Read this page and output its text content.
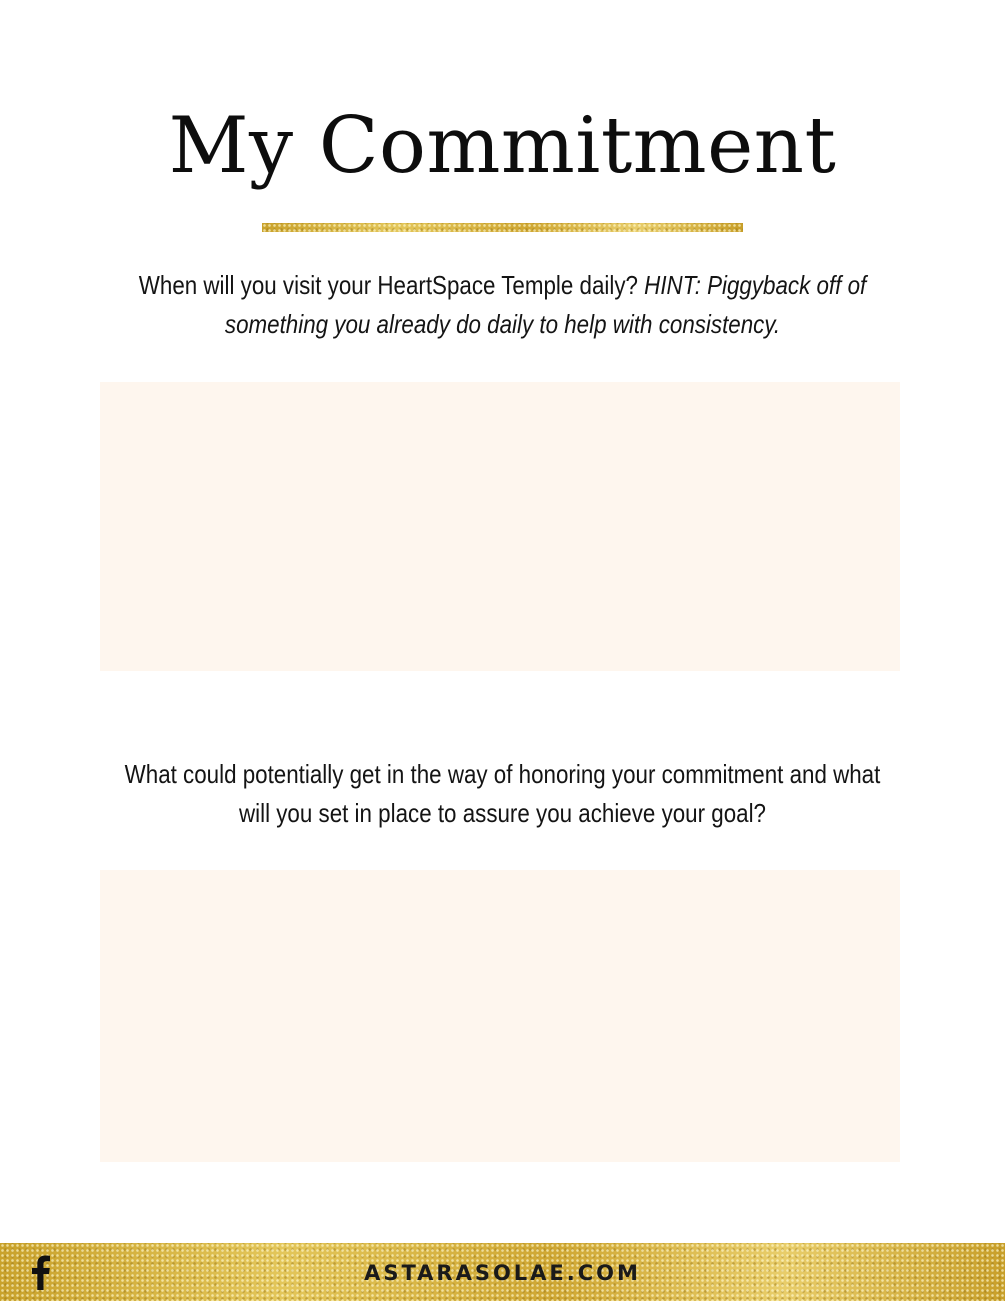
My Commitment

When will you visit your HeartSpace Temple daily? HINT: Piggyback off of something you already do daily to help with consistency.

What could potentially get in the way of honoring your commitment and what will you set in place to assure you achieve your goal?

ASTARASOLAE.COM
